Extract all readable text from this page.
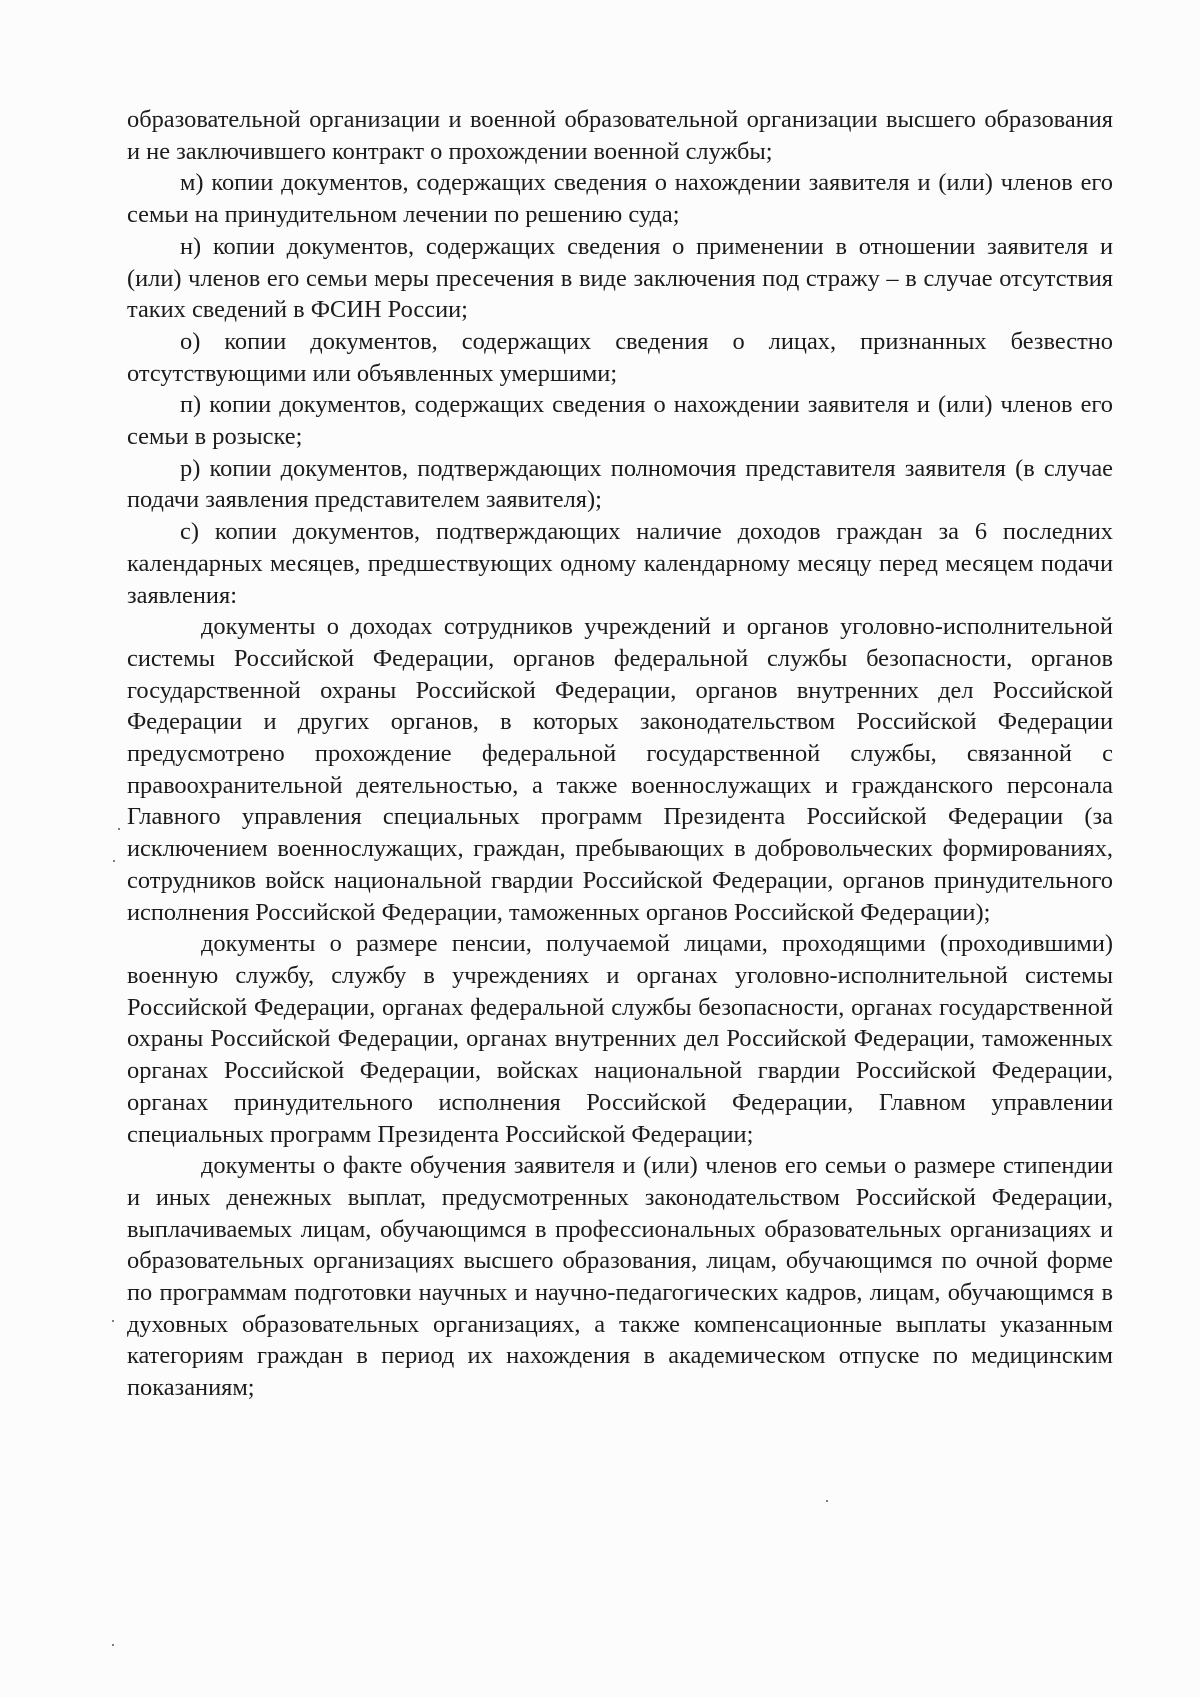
образовательной организации и военной образовательной организации высшего образования и не заключившего контракт о прохождении военной службы;

м) копии документов, содержащих сведения о нахождении заявителя и (или) членов его семьи на принудительном лечении по решению суда;

н) копии документов, содержащих сведения о применении в отношении заявителя и (или) членов его семьи меры пресечения в виде заключения под стражу – в случае отсутствия таких сведений в ФСИН России;

о) копии документов, содержащих сведения о лицах, признанных безвестно отсутствующими или объявленных умершими;

п) копии документов, содержащих сведения о нахождении заявителя и (или) членов его семьи в розыске;

р) копии документов, подтверждающих полномочия представителя заявителя (в случае подачи заявления представителем заявителя);

с) копии документов, подтверждающих наличие доходов граждан за 6 последних календарных месяцев, предшествующих одному календарному месяцу перед месяцем подачи заявления:

документы о доходах сотрудников учреждений и органов уголовно-исполнительной системы Российской Федерации, органов федеральной службы безопасности, органов государственной охраны Российской Федерации, органов внутренних дел Российской Федерации и других органов, в которых законодательством Российской Федерации предусмотрено прохождение федеральной государственной службы, связанной с правоохранительной деятельностью, а также военнослужащих и гражданского персонала Главного управления специальных программ Президента Российской Федерации (за исключением военнослужащих, граждан, пребывающих в добровольческих формированиях, сотрудников войск национальной гвардии Российской Федерации, органов принудительного исполнения Российской Федерации, таможенных органов Российской Федерации);

документы о размере пенсии, получаемой лицами, проходящими (проходившими) военную службу, службу в учреждениях и органах уголовно-исполнительной системы Российской Федерации, органах федеральной службы безопасности, органах государственной охраны Российской Федерации, органах внутренних дел Российской Федерации, таможенных органах Российской Федерации, войсках национальной гвардии Российской Федерации, органах принудительного исполнения Российской Федерации, Главном управлении специальных программ Президента Российской Федерации;

документы о факте обучения заявителя и (или) членов его семьи о размере стипендии и иных денежных выплат, предусмотренных законодательством Российской Федерации, выплачиваемых лицам, обучающимся в профессиональных образовательных организациях и образовательных организациях высшего образования, лицам, обучающимся по очной форме по программам подготовки научных и научно-педагогических кадров, лицам, обучающимся в духовных образовательных организациях, а также компенсационные выплаты указанным категориям граждан в период их нахождения в академическом отпуске по медицинским показаниям;
